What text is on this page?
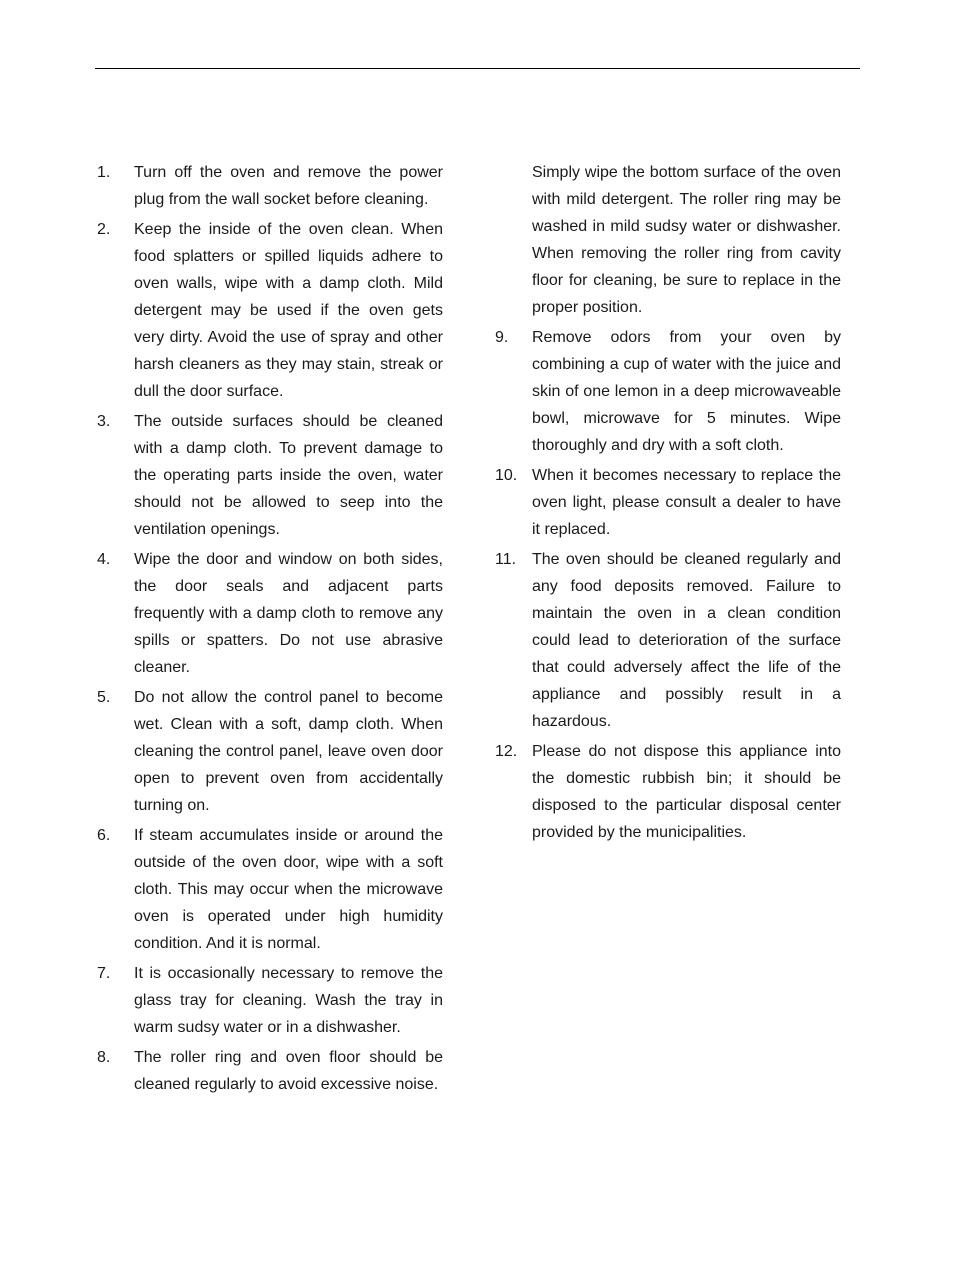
1.	Turn off the oven and remove the power plug from the wall socket before cleaning.
2.	Keep the inside of the oven clean. When food splatters or spilled liquids adhere to oven walls, wipe with a damp cloth. Mild detergent may be used if the oven gets very dirty. Avoid the use of spray and other harsh cleaners as they may stain, streak or dull the door surface.
3.	The outside surfaces should be cleaned with a damp cloth. To prevent damage to the operating parts inside the oven, water should not be allowed to seep into the ventilation openings.
4.	Wipe the door and window on both sides, the door seals and adjacent parts frequently with a damp cloth to remove any spills or spatters. Do not use abrasive cleaner.
5.	Do not allow the control panel to become wet. Clean with a soft, damp cloth. When cleaning the control panel, leave oven door open to prevent oven from accidentally turning on.
6.	If steam accumulates inside or around the outside of the oven door, wipe with a soft cloth. This may occur when the microwave oven is operated under high humidity condition. And it is normal.
7.	It is occasionally necessary to remove the glass tray for cleaning. Wash the tray in warm sudsy water or in a dishwasher.
8.	The roller ring and oven floor should be cleaned regularly to avoid excessive noise.
Simply wipe the bottom surface of the oven with mild detergent. The roller ring may be washed in mild sudsy water or dishwasher. When removing the roller ring from cavity floor for cleaning, be sure to replace in the proper position.
9.	Remove odors from your oven by combining a cup of water with the juice and skin of one lemon in a deep microwaveable bowl, microwave for 5 minutes. Wipe thoroughly and dry with a soft cloth.
10. When it becomes necessary to replace the oven light, please consult a dealer to have it replaced.
11. The oven should be cleaned regularly and any food deposits removed. Failure to maintain the oven in a clean condition could lead to deterioration of the surface that could adversely affect the life of the appliance and possibly result in a hazardous.
12. Please do not dispose this appliance into the domestic rubbish bin; it should be disposed to the particular disposal center provided by the municipalities.
